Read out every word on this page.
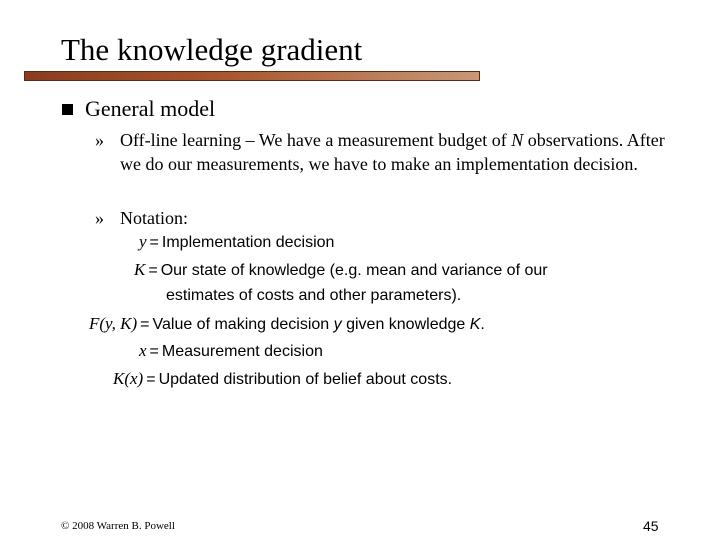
The knowledge gradient
General model
» Off-line learning – We have a measurement budget of N observations. After we do our measurements, we have to make an implementation decision.
» Notation:
y = Implementation decision
K = Our state of knowledge (e.g. mean and variance of our
estimates of costs and other parameters).
F(y, K) = Value of making decision y given knowledge K.
x = Measurement decision
K(x) = Updated distribution of belief about costs.
© 2008 Warren B. Powell	45
